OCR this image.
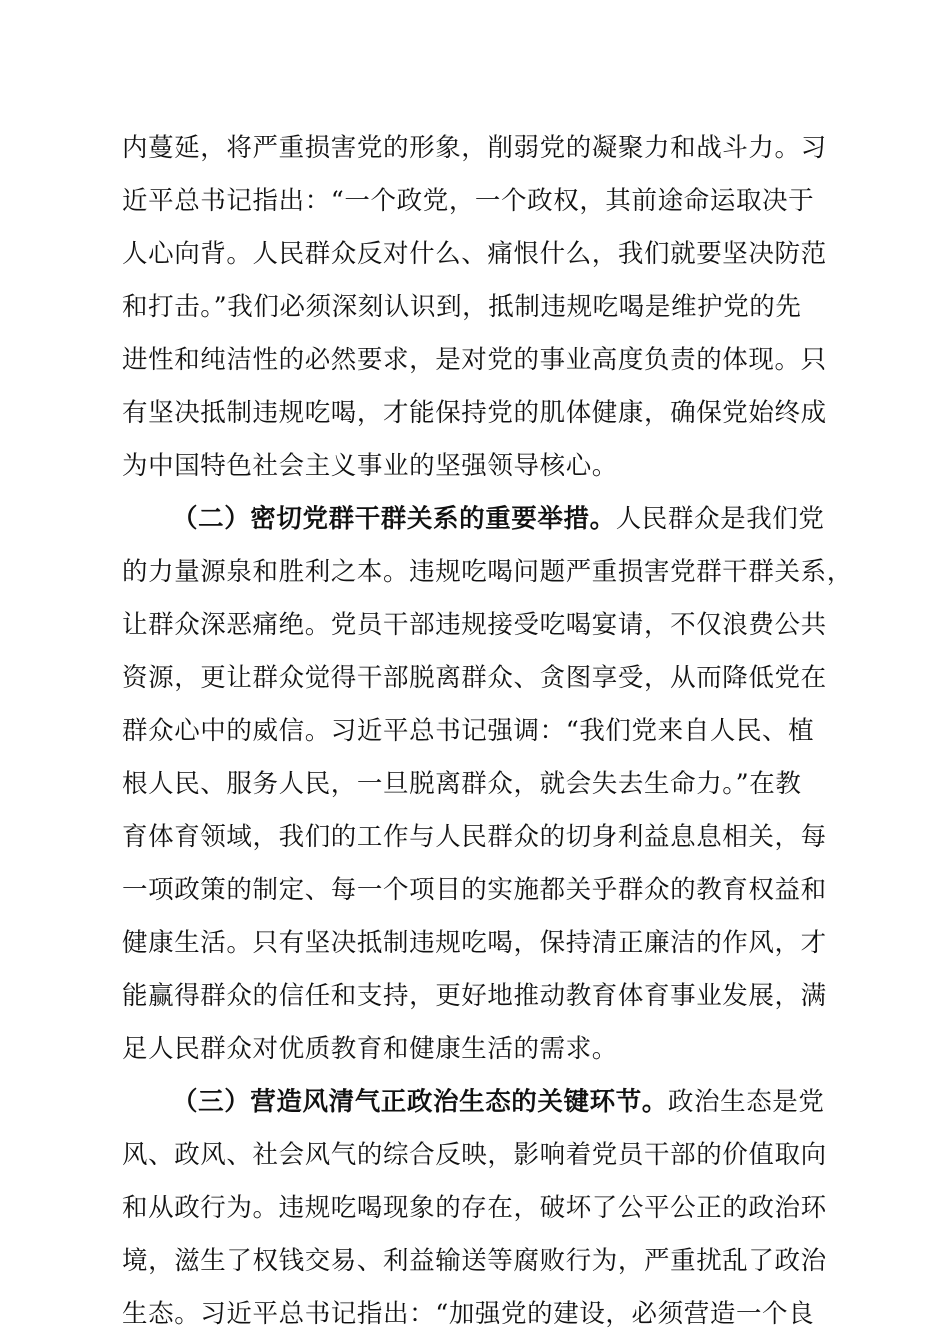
内蔓延，将严重损害党的形象，削弱党的凝聚力和战斗力。习
近平总书记指出：“一个政党，一个政权，其前途命运取决于
人心向背。人民群众反对什么、痛恨什么，我们就要坚决防范
和打击。”我们必须深刻认识到，抵制违规吃喝是维护党的先
进性和纯洁性的必然要求，是对党的事业高度负责的体现。只
有坚决抵制违规吃喝，才能保持党的肌体健康，确保党始终成
为中国特色社会主义事业的坚强领导核心。
（二）密切党群干群关系的重要举措。人民群众是我们党
的力量源泉和胜利之本。违规吃喝问题严重损害党群干群关系，
让群众深恶痛绝。党员干部违规接受吃喝宴请，不仅浪费公共
资源，更让群众觉得干部脱离群众、贪图享受，从而降低党在
群众心中的威信。习近平总书记强调：“我们党来自人民、植
根人民、服务人民，一旦脱离群众，就会失去生命力。”在教
育体育领域，我们的工作与人民群众的切身利益息息相关，每
一项政策的制定、每一个项目的实施都关乎群众的教育权益和
健康生活。只有坚决抵制违规吃喝，保持清正廉洁的作风，才
能赢得群众的信任和支持，更好地推动教育体育事业发展，满
足人民群众对优质教育和健康生活的需求。
（三）营造风清气正政治生态的关键环节。政治生态是党
风、政风、社会风气的综合反映，影响着党员干部的价值取向
和从政行为。违规吃喝现象的存在，破坏了公平公正的政治环
境，滋生了权钱交易、利益输送等腐败行为，严重扰乱了政治
生态。习近平总书记指出：“加强党的建设，必须营造一个良
